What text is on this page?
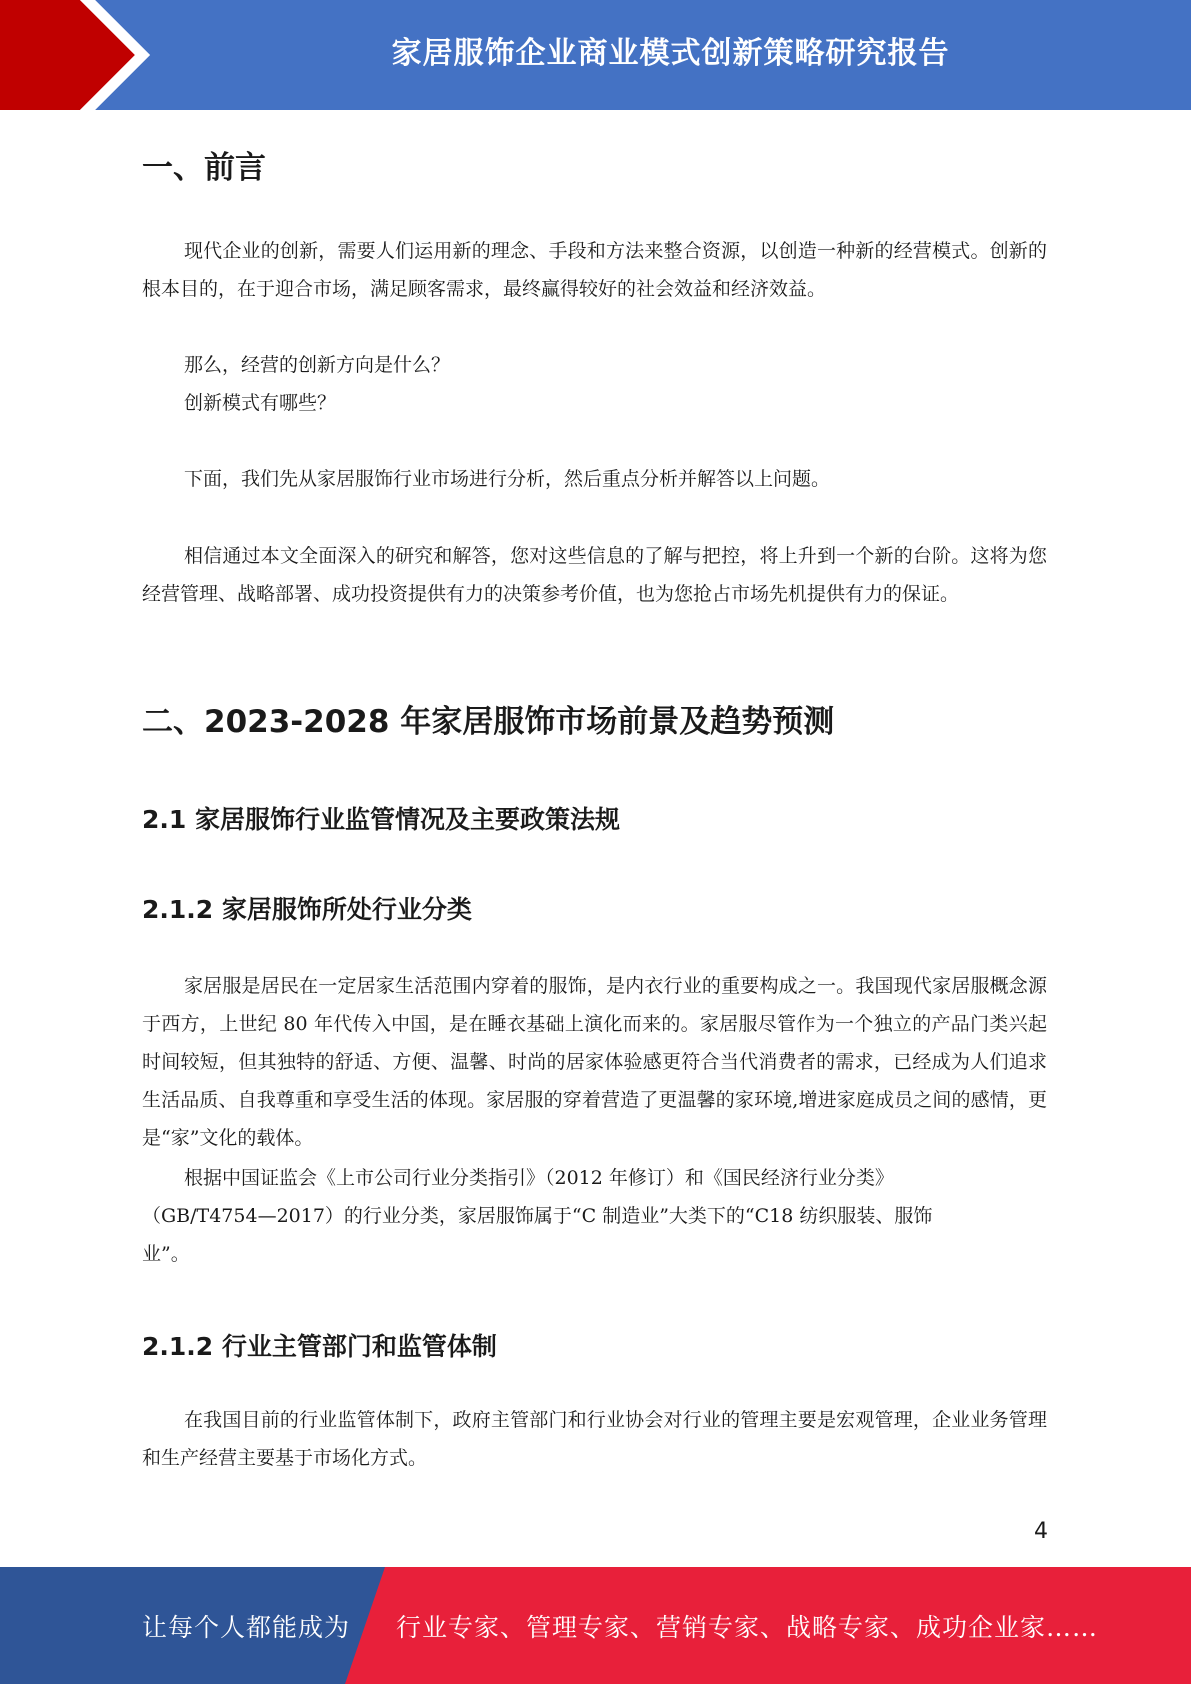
家居服饰企业商业模式创新策略研究报告
一、前言

现代企业的创新，需要人们运用新的理念、手段和方法来整合资源，以创造一种新的经营模式。创新的根本目的，在于迎合市场，满足顾客需求，最终赢得较好的社会效益和经济效益。

那么，经营的创新方向是什么？

创新模式有哪些？

下面，我们先从家居服饰行业市场进行分析，然后重点分析并解答以上问题。

相信通过本文全面深入的研究和解答，您对这些信息的了解与把控，将上升到一个新的台阶。这将为您经营管理、战略部署、成功投资提供有力的决策参考价值，也为您抢占市场先机提供有力的保证。

二、2023-2028 年家居服饰市场前景及趋势预测
2.1 家居服饰行业监管情况及主要政策法规
2.1.2 家居服饰所处行业分类

家居服是居民在一定居家生活范围内穿着的服饰，是内衣行业的重要构成之一。我国现代家居服概念源于西方，上世纪 80 年代传入中国，是在睡衣基础上演化而来的。家居服尽管作为一个独立的产品门类兴起时间较短，但其独特的舒适、方便、温馨、时尚的居家体验感更符合当代消费者的需求，已经成为人们追求生活品质、自我尊重和享受生活的体现。家居服的穿着营造了更温馨的家环境,增进家庭成员之间的感情，更是“家”文化的载体。

根据中国证监会《上市公司行业分类指引》（2012 年修订）和《国民经济行业分类》

（GB/T4754—2017）的行业分类，家居服饰属于“C 制造业”大类下的“C18 纺织服装、服饰

业”。

2.1.2 行业主管部门和监管体制

在我国目前的行业监管体制下，政府主管部门和行业协会对行业的管理主要是宏观管理，企业业务管理和生产经营主要基于市场化方式。

4
让每个人都能成为 行业专家、管理专家、营销专家、战略专家、成功企业家……
